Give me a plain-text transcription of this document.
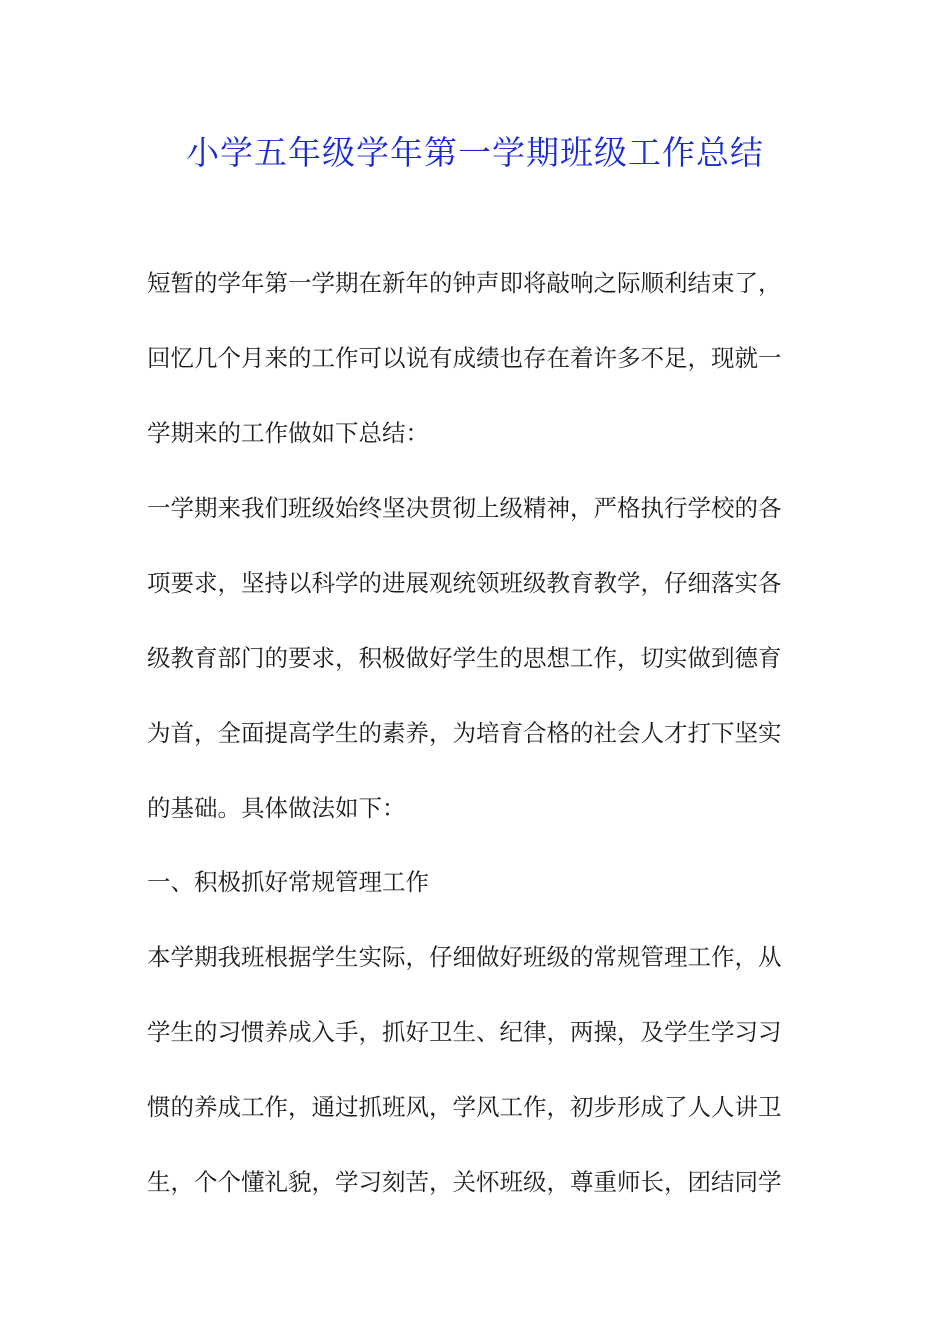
小学五年级学年第一学期班级工作总结

短暂的学年第一学期在新年的钟声即将敲响之际顺利结束了，

回忆几个月来的工作可以说有成绩也存在着许多不足，现就一

学期来的工作做如下总结：

一学期来我们班级始终坚决贯彻上级精神，严格执行学校的各

项要求，坚持以科学的进展观统领班级教育教学，仔细落实各

级教育部门的要求，积极做好学生的思想工作，切实做到德育

为首，全面提高学生的素养，为培育合格的社会人才打下坚实

的基础。具体做法如下：

一、积极抓好常规管理工作

本学期我班根据学生实际，仔细做好班级的常规管理工作，从

学生的习惯养成入手，抓好卫生、纪律，两操，及学生学习习

惯的养成工作，通过抓班风，学风工作，初步形成了人人讲卫

生，个个懂礼貌，学习刻苦，关怀班级，尊重师长，团结同学
